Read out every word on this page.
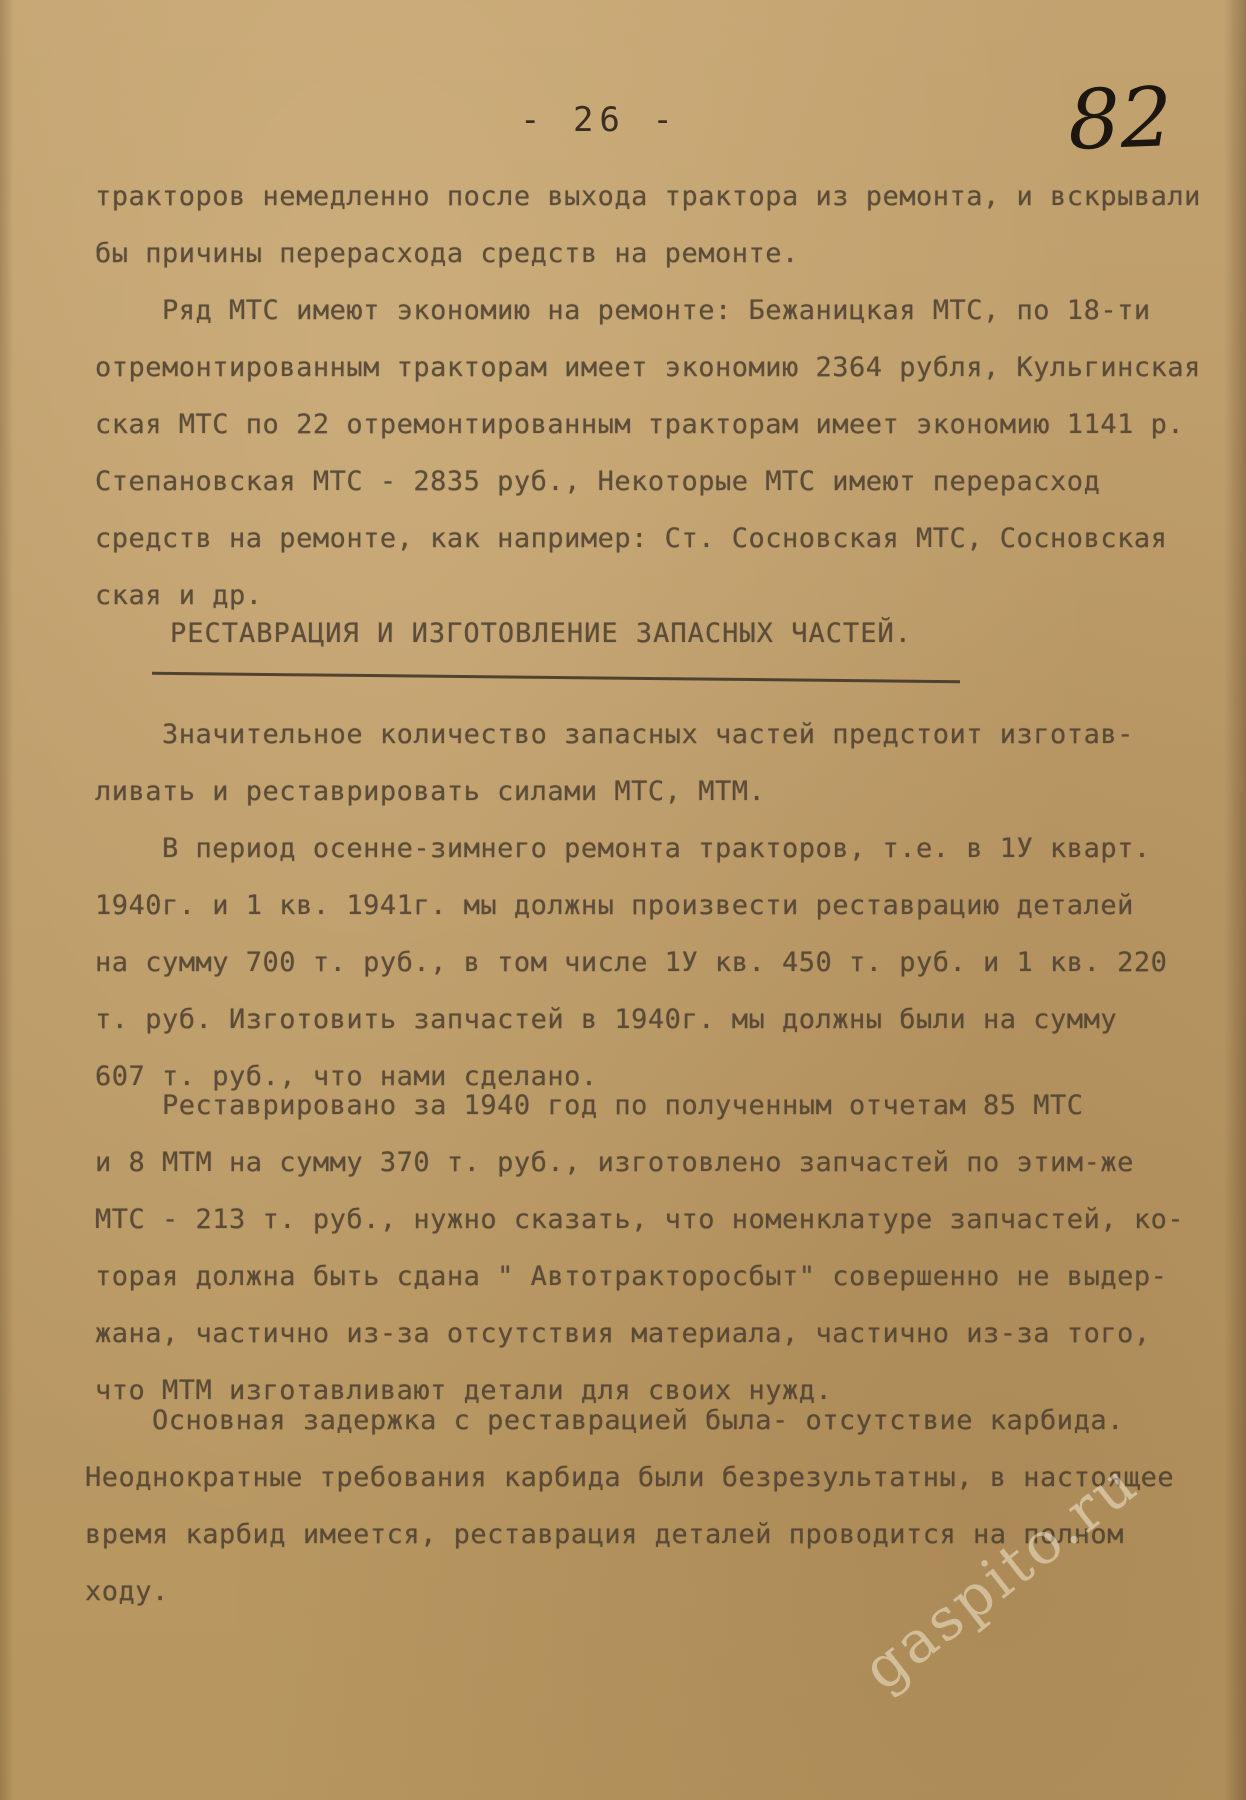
- 26 -	82
тракторов немедленно после выхода трактора из ремонта, и вскрывали
бы причины перерасхода средств на ремонте.
Ряд МТС имеют экономию на ремонте: Бежаницкая МТС, по 18-ти
отремонтированным тракторам имеет экономию 2364 рубля, Кульгинская
ская МТС по 22 отремонтированным тракторам имеет экономию 1141 р.
Степановская МТС - 2835 руб., Некоторые МТС имеют перерасход
средств на ремонте, как например: Ст. Сосновская МТС, Сосновская
ская и др.
РЕСТАВРАЦИЯ И ИЗГОТОВЛЕНИЕ ЗАПАСНЫХ ЧАСТЕЙ.
Значительное количество запасных частей предстоит изготав-
ливать и реставрировать силами МТС, МТМ.
В период осенне-зимнего ремонта тракторов, т.е. в 1У кварт.
1940г. и 1 кв. 1941г. мы должны произвести реставрацию деталей
на сумму 700 т. руб., в том числе 1У кв. 450 т. руб. и 1 кв. 220
т. руб. Изготовить запчастей в 1940г. мы должны были на сумму
607 т. руб., что нами сделано.
Реставрировано за 1940 год по полученным отчетам 85 МТС
и 8 МТМ на сумму 370 т. руб., изготовлено запчастей по этим-же
МТС - 213 т. руб., нужно сказать, что номенклатуре запчастей, ко-
торая должна быть сдана " Автотракторосбыт" совершенно не выдер-
жана, частично из-за отсутствия материала, частично из-за того,
что МТМ изготавливают детали для своих нужд.
Основная задержка с реставрацией была- отсутствие карбида.
Неоднократные требования карбида были безрезультатны, в настоящее
время карбид имеется, реставрация деталей проводится на полном
ходу.	gaspito.ru
